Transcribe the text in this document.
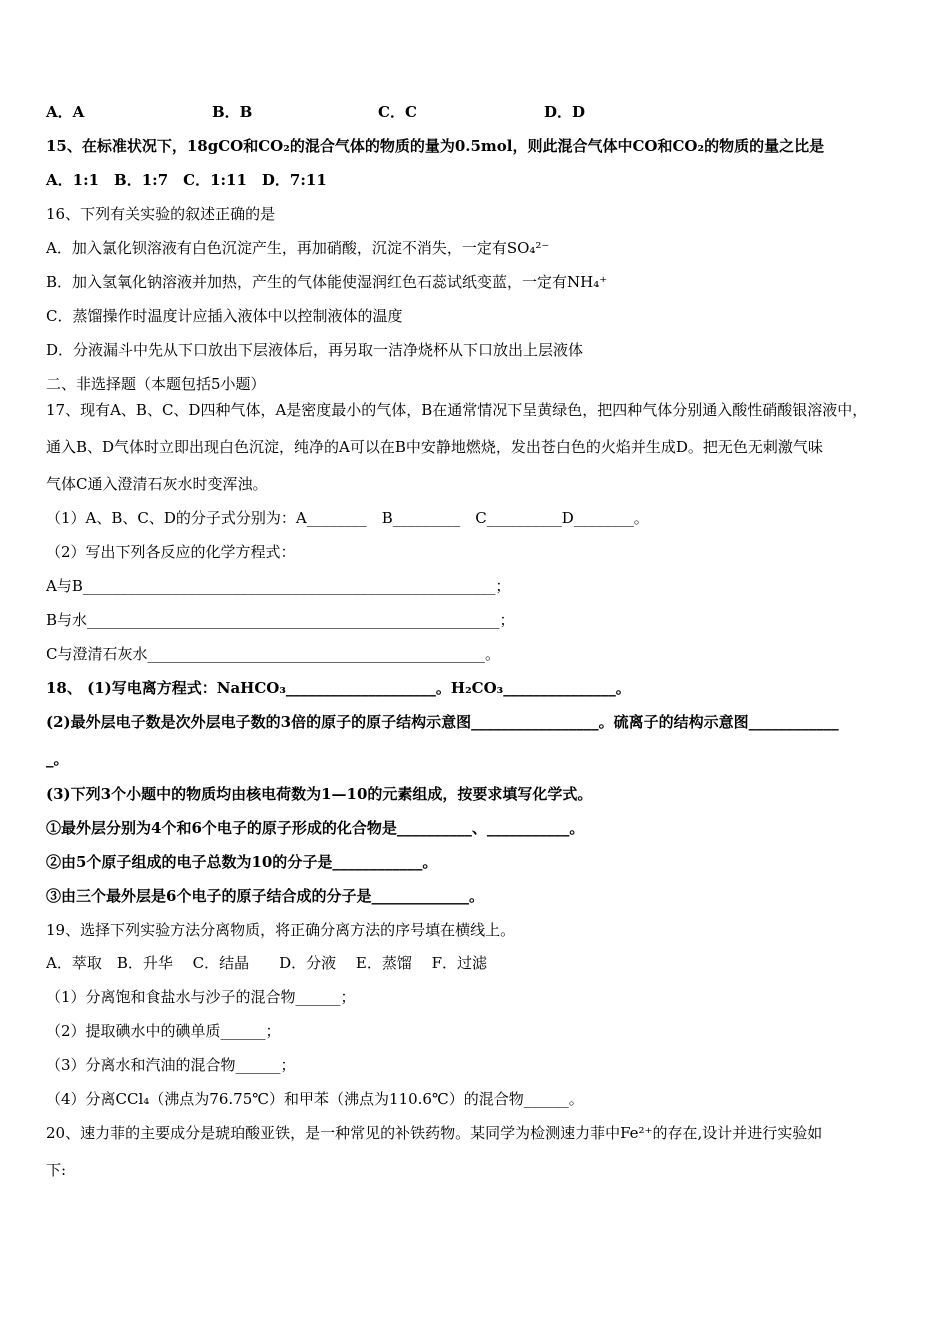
A．A	B．B	C．C	D．D
15、在标准状况下，18gCO和CO₂的混合气体的物质的量为0.5mol，则此混合气体中CO和CO₂的物质的量之比是
A．1:1　B．1:7　C．1:11　D．7:11
16、下列有关实验的叙述正确的是
A．加入氯化钡溶液有白色沉淀产生，再加硝酸，沉淀不消失，一定有SO₄²⁻
B．加入氢氧化钠溶液并加热，产生的气体能使湿润红色石蕊试纸变蓝，一定有NH₄⁺
C．蒸馏操作时温度计应插入液体中以控制液体的温度
D．分液漏斗中先从下口放出下层液体后，再另取一洁净烧杯从下口放出上层液体
二、非选择题（本题包括5小题）
17、现有A、B、C、D四种气体，A是密度最小的气体，B在通常情况下呈黄绿色，把四种气体分别通入酸性硝酸银溶液中，
通入B、D气体时立即出现白色沉淀，纯净的A可以在B中安静地燃烧，发出苍白色的火焰并生成D。把无色无刺激气味
气体C通入澄清石灰水时变浑浊。
（1）A、B、C、D的分子式分别为：A________　B_________　C__________D________。
（2）写出下列各反应的化学方程式：
A与B_______________________________________________________；
B与水_______________________________________________________；
C与澄清石灰水_____________________________________________。
18、 (1)写电离方程式：NaHCO₃____________________。H₂CO₃_______________。
(2)最外层电子数是次外层电子数的3倍的原子的原子结构示意图_________________。硫离子的结构示意图____________
_。
(3)下列3个小题中的物质均由核电荷数为1—10的元素组成，按要求填写化学式。
①最外层分别为4个和6个电子的原子形成的化合物是__________、___________。
②由5个原子组成的电子总数为10的分子是____________。
③由三个最外层是6个电子的原子结合成的分子是_____________。
19、选择下列实验方法分离物质，将正确分离方法的序号填在横线上。
A．萃取　B．升华　 C．结晶　　D．分液　 E．蒸馏　 F．过滤
（1）分离饱和食盐水与沙子的混合物______；
（2）提取碘水中的碘单质______；
（3）分离水和汽油的混合物______；
（4）分离CCl₄（沸点为76.75℃）和甲苯（沸点为110.6℃）的混合物______。
20、速力菲的主要成分是琥珀酸亚铁，是一种常见的补铁药物。某同学为检测速力菲中Fe²⁺的存在,设计并进行实验如
下:
